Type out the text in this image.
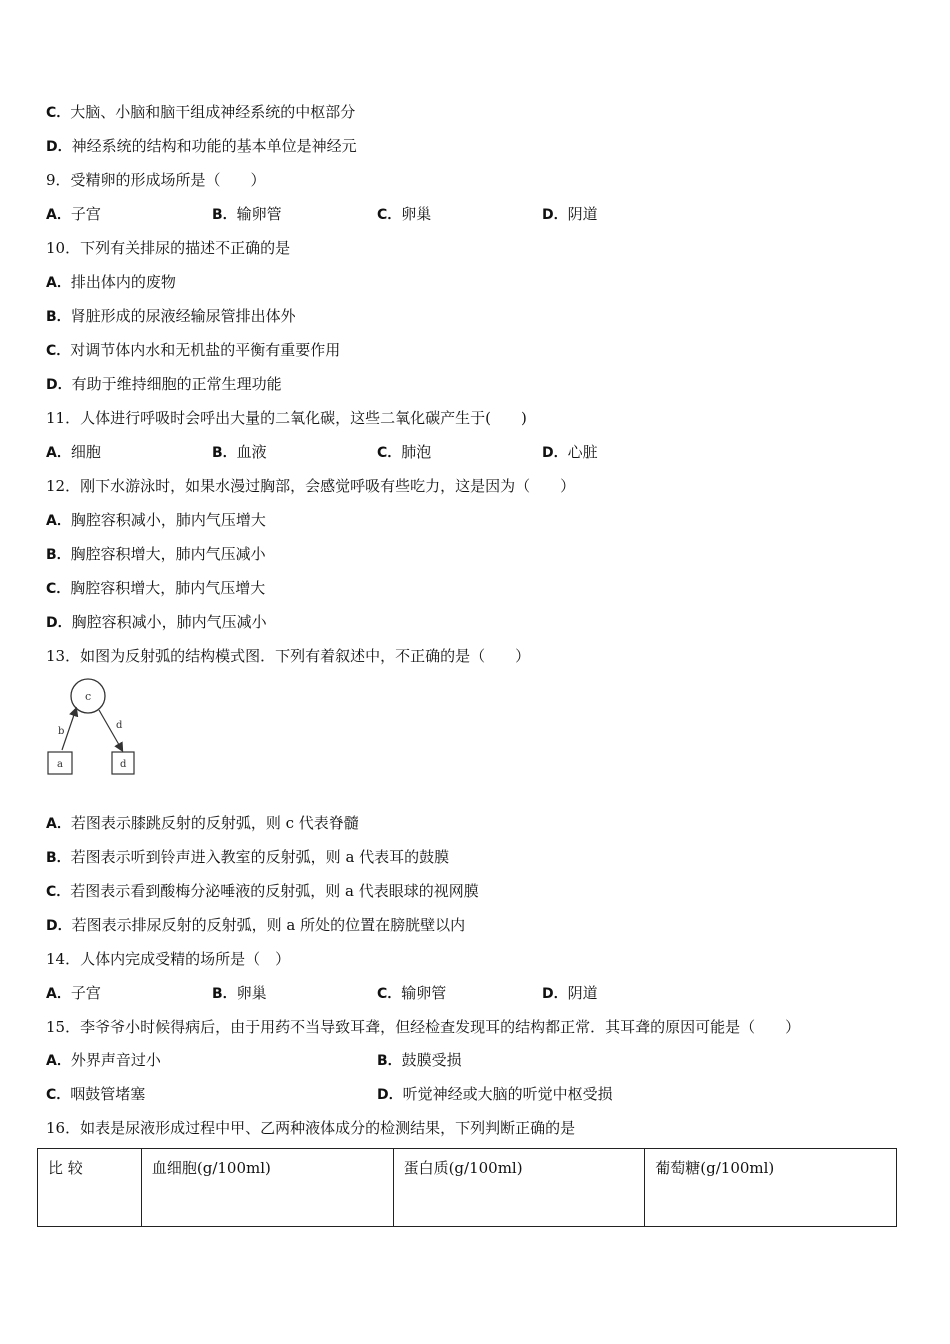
C．大脑、小脑和脑干组成神经系统的中枢部分
D．神经系统的结构和功能的基本单位是神经元
9．受精卵的形成场所是（　　）
A．子宫	B．输卵管	C．卵巢	D．阴道
10．下列有关排尿的描述不正确的是
A．排出体内的废物
B．肾脏形成的尿液经输尿管排出体外
C．对调节体内水和无机盐的平衡有重要作用
D．有助于维持细胞的正常生理功能
11．人体进行呼吸时会呼出大量的二氧化碳，这些二氧化碳产生于(　　)
A．细胞	B．血液	C．肺泡	D．心脏
12．刚下水游泳时，如果水漫过胸部，会感觉呼吸有些吃力，这是因为（　　）
A．胸腔容积减小，肺内气压增大
B．胸腔容积增大，肺内气压减小
C．胸腔容积增大，肺内气压增大
D．胸腔容积减小，肺内气压减小
13．如图为反射弧的结构模式图．下列有着叙述中，不正确的是（　　）
c
b
d
a	d
A．若图表示膝跳反射的反射弧，则 c 代表脊髓
B．若图表示听到铃声进入教室的反射弧，则 a 代表耳的鼓膜
C．若图表示看到酸梅分泌唾液的反射弧，则 a 代表眼球的视网膜
D．若图表示排尿反射的反射弧，则 a 所处的位置在膀胱壁以内
14．人体内完成受精的场所是（　）
A．子宫	B．卵巢	C．输卵管	D．阴道
15．李爷爷小时候得病后，由于用药不当导致耳聋，但经检查发现耳的结构都正常．其耳聋的原因可能是（　　）
A．外界声音过小	B．鼓膜受损
C．咽鼓管堵塞	D．听觉神经或大脑的听觉中枢受损
16．如表是尿液形成过程中甲、乙两种液体成分的检测结果，下列判断正确的是
比 较	血细胞(g/100ml)	蛋白质(g/100ml)	葡萄糖(g/100ml)
